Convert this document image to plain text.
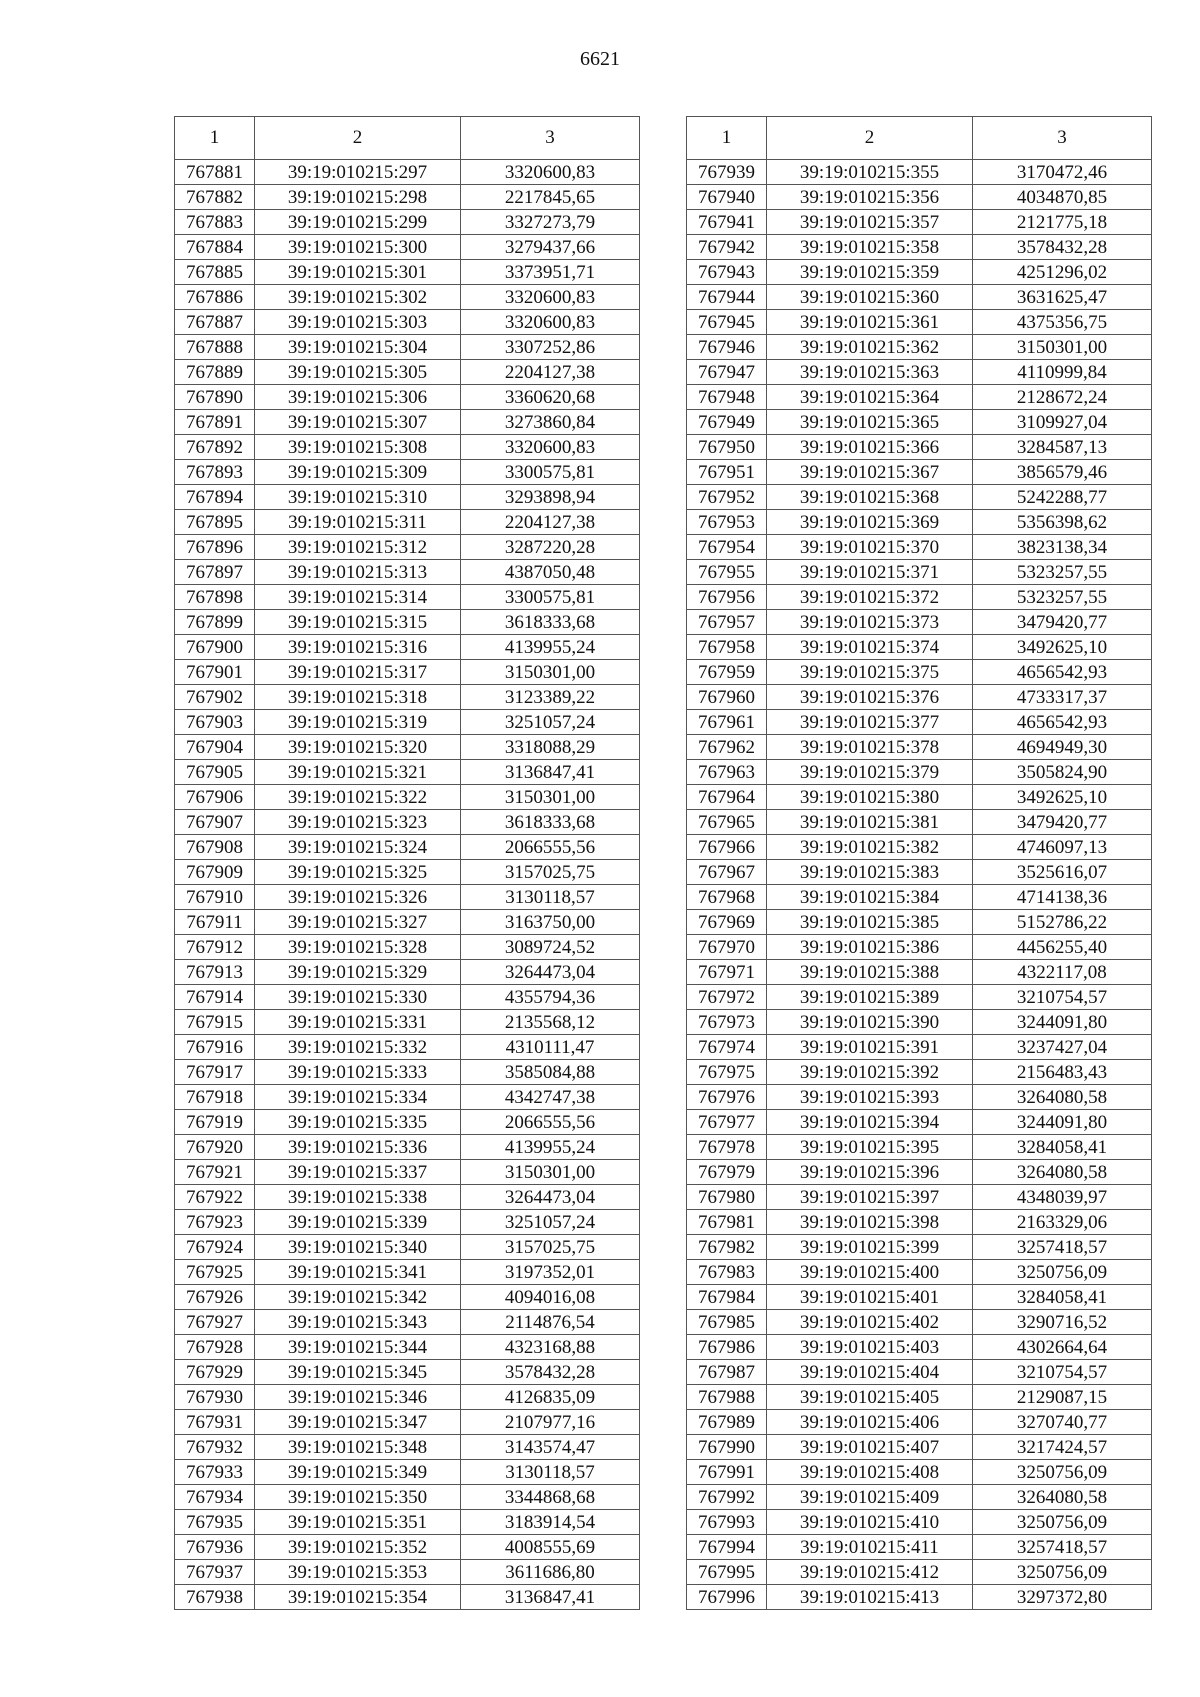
6621
1	2	3
767881	39:19:010215:297	3320600,83
767882	39:19:010215:298	2217845,65
767883	39:19:010215:299	3327273,79
767884	39:19:010215:300	3279437,66
767885	39:19:010215:301	3373951,71
767886	39:19:010215:302	3320600,83
767887	39:19:010215:303	3320600,83
767888	39:19:010215:304	3307252,86
767889	39:19:010215:305	2204127,38
767890	39:19:010215:306	3360620,68
767891	39:19:010215:307	3273860,84
767892	39:19:010215:308	3320600,83
767893	39:19:010215:309	3300575,81
767894	39:19:010215:310	3293898,94
767895	39:19:010215:311	2204127,38
767896	39:19:010215:312	3287220,28
767897	39:19:010215:313	4387050,48
767898	39:19:010215:314	3300575,81
767899	39:19:010215:315	3618333,68
767900	39:19:010215:316	4139955,24
767901	39:19:010215:317	3150301,00
767902	39:19:010215:318	3123389,22
767903	39:19:010215:319	3251057,24
767904	39:19:010215:320	3318088,29
767905	39:19:010215:321	3136847,41
767906	39:19:010215:322	3150301,00
767907	39:19:010215:323	3618333,68
767908	39:19:010215:324	2066555,56
767909	39:19:010215:325	3157025,75
767910	39:19:010215:326	3130118,57
767911	39:19:010215:327	3163750,00
767912	39:19:010215:328	3089724,52
767913	39:19:010215:329	3264473,04
767914	39:19:010215:330	4355794,36
767915	39:19:010215:331	2135568,12
767916	39:19:010215:332	4310111,47
767917	39:19:010215:333	3585084,88
767918	39:19:010215:334	4342747,38
767919	39:19:010215:335	2066555,56
767920	39:19:010215:336	4139955,24
767921	39:19:010215:337	3150301,00
767922	39:19:010215:338	3264473,04
767923	39:19:010215:339	3251057,24
767924	39:19:010215:340	3157025,75
767925	39:19:010215:341	3197352,01
767926	39:19:010215:342	4094016,08
767927	39:19:010215:343	2114876,54
767928	39:19:010215:344	4323168,88
767929	39:19:010215:345	3578432,28
767930	39:19:010215:346	4126835,09
767931	39:19:010215:347	2107977,16
767932	39:19:010215:348	3143574,47
767933	39:19:010215:349	3130118,57
767934	39:19:010215:350	3344868,68
767935	39:19:010215:351	3183914,54
767936	39:19:010215:352	4008555,69
767937	39:19:010215:353	3611686,80
767938	39:19:010215:354	3136847,41
1	2	3
767939	39:19:010215:355	3170472,46
767940	39:19:010215:356	4034870,85
767941	39:19:010215:357	2121775,18
767942	39:19:010215:358	3578432,28
767943	39:19:010215:359	4251296,02
767944	39:19:010215:360	3631625,47
767945	39:19:010215:361	4375356,75
767946	39:19:010215:362	3150301,00
767947	39:19:010215:363	4110999,84
767948	39:19:010215:364	2128672,24
767949	39:19:010215:365	3109927,04
767950	39:19:010215:366	3284587,13
767951	39:19:010215:367	3856579,46
767952	39:19:010215:368	5242288,77
767953	39:19:010215:369	5356398,62
767954	39:19:010215:370	3823138,34
767955	39:19:010215:371	5323257,55
767956	39:19:010215:372	5323257,55
767957	39:19:010215:373	3479420,77
767958	39:19:010215:374	3492625,10
767959	39:19:010215:375	4656542,93
767960	39:19:010215:376	4733317,37
767961	39:19:010215:377	4656542,93
767962	39:19:010215:378	4694949,30
767963	39:19:010215:379	3505824,90
767964	39:19:010215:380	3492625,10
767965	39:19:010215:381	3479420,77
767966	39:19:010215:382	4746097,13
767967	39:19:010215:383	3525616,07
767968	39:19:010215:384	4714138,36
767969	39:19:010215:385	5152786,22
767970	39:19:010215:386	4456255,40
767971	39:19:010215:388	4322117,08
767972	39:19:010215:389	3210754,57
767973	39:19:010215:390	3244091,80
767974	39:19:010215:391	3237427,04
767975	39:19:010215:392	2156483,43
767976	39:19:010215:393	3264080,58
767977	39:19:010215:394	3244091,80
767978	39:19:010215:395	3284058,41
767979	39:19:010215:396	3264080,58
767980	39:19:010215:397	4348039,97
767981	39:19:010215:398	2163329,06
767982	39:19:010215:399	3257418,57
767983	39:19:010215:400	3250756,09
767984	39:19:010215:401	3284058,41
767985	39:19:010215:402	3290716,52
767986	39:19:010215:403	4302664,64
767987	39:19:010215:404	3210754,57
767988	39:19:010215:405	2129087,15
767989	39:19:010215:406	3270740,77
767990	39:19:010215:407	3217424,57
767991	39:19:010215:408	3250756,09
767992	39:19:010215:409	3264080,58
767993	39:19:010215:410	3250756,09
767994	39:19:010215:411	3257418,57
767995	39:19:010215:412	3250756,09
767996	39:19:010215:413	3297372,80
